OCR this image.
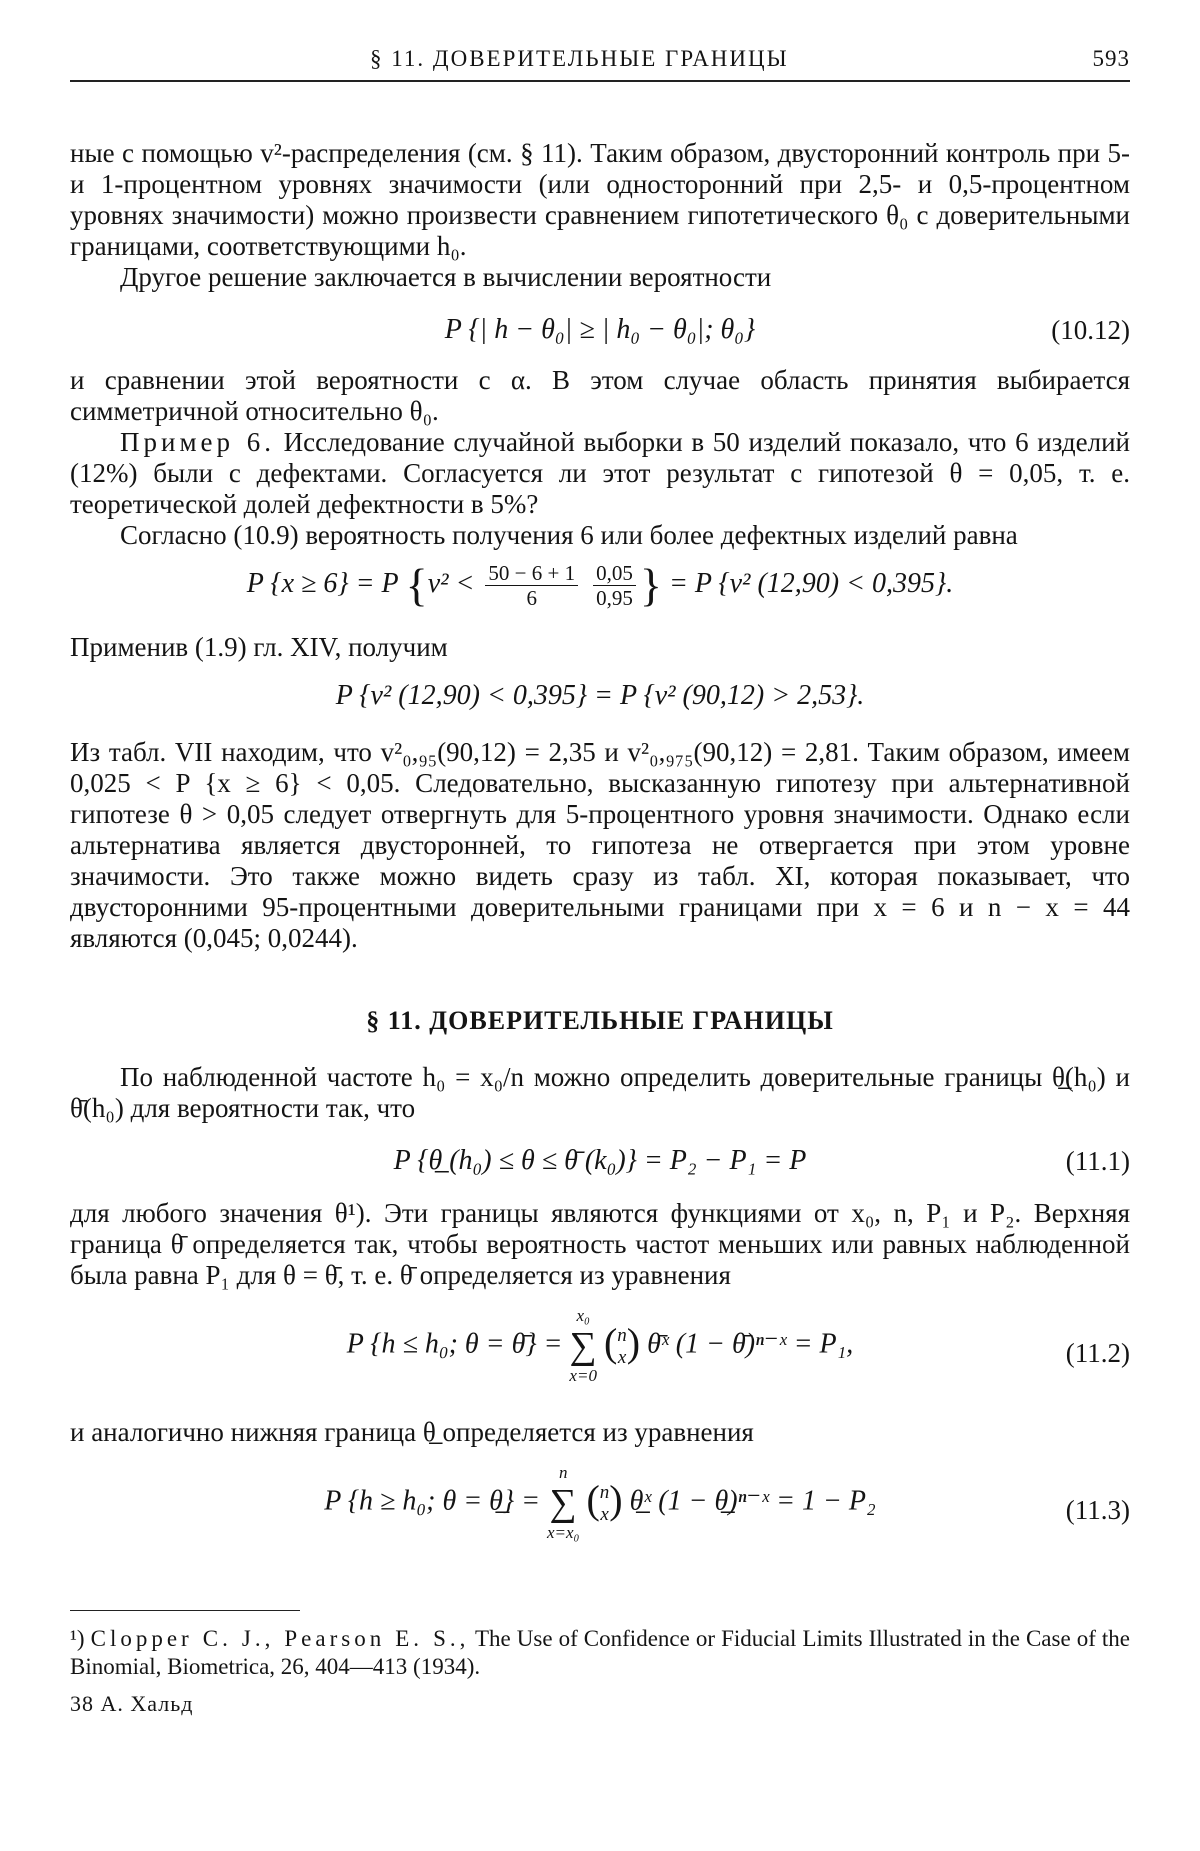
§ 11. ДОВЕРИТЕЛЬНЫЕ ГРАНИЦЫ	593

ные с помощью v²-распределения (см. § 11). Таким образом, двусторонний контроль при 5- и 1-процентном уровнях значимости (или односторонний при 2,5- и 0,5-процентном уровнях значимости) можно произвести сравнением гипотетического θ₀ с доверительными границами, соответствующими h₀.

Другое решение заключается в вычислении вероятности

P {| h − θ₀| ≥ | h₀ − θ₀|; θ₀}	(10.12)

и сравнении этой вероятности с α. В этом случае область принятия выбирается симметричной относительно θ₀.

Пример 6. Исследование случайной выборки в 50 изделий показало, что 6 изделий (12%) были с дефектами. Согласуется ли этот результат с гипотезой θ = 0,05, т. е. теоретической долей дефектности в 5%?

Согласно (10.9) вероятность получения 6 или более дефектных изделий равна

P {x ≥ 6} = P {$v^2 < \frac{50 - 6 + 1}{6}$
$\frac{0,05}{0,95}$ } = P {v² (12,90) < 0,395}.

Применив (1.9) гл. XIV, получим

P {v² (12,90) < 0,395} = P {v² (90,12) > 2,53}.

Из табл. VII находим, что v²₀,₉₅(90,12) = 2,35 и v²₀,₉₇₅(90,12) = 2,81. Таким образом, имеем 0,025 < P {x ≥ 6} < 0,05. Следовательно, высказанную гипотезу при альтернативной гипотезе θ > 0,05 следует отвергнуть для 5-процентного уровня значимости. Однако если альтернатива является двусторонней, то гипотеза не отвергается при этом уровне значимости. Это также можно видеть сразу из табл. XI, которая показывает, что двусторонними 95-процентными доверительными границами при x = 6 и n − x = 44 являются (0,045; 0,0244).

§ 11. ДОВЕРИТЕЛЬНЫЕ ГРАНИЦЫ

По наблюденной частоте h₀ = x₀/n можно определить доверительные границы θ̲(h₀) и θ̄(h₀) для вероятности так, что

P {θ̲ (h₀) ≤ θ ≤ θ̄ (k₀)} = P₂ − P₁ = P	(11.1)

для любого значения θ¹). Эти границы являются функциями от x₀, n, P₁ и P₂. Верхняя граница θ̄ определяется так, чтобы вероятность частот меньших или равных наблюденной была равна P₁ для θ = θ̄, т. е. θ̄ определяется из уравнения

P {h ≤ h₀; θ = θ̄} =
x₀
∑
x=0
( n
x ) θ̄ˣ (1 − θ̄)ⁿ⁻ˣ = P₁,	(11.2)

и аналогично нижняя граница θ̲ определяется из уравнения

P {h ≥ h₀; θ = θ̲} =
n
∑
x=x₀
( n
x ) θ̲ˣ (1 − θ̲)ⁿ⁻ˣ = 1 − P₂	(11.3)

¹) Clopper C. J., Pearson E. S., The Use of Confidence or Fiducial Limits Illustrated in the Case of the Binomial, Biometrica, 26, 404—413 (1934).

38 А. Хальд
